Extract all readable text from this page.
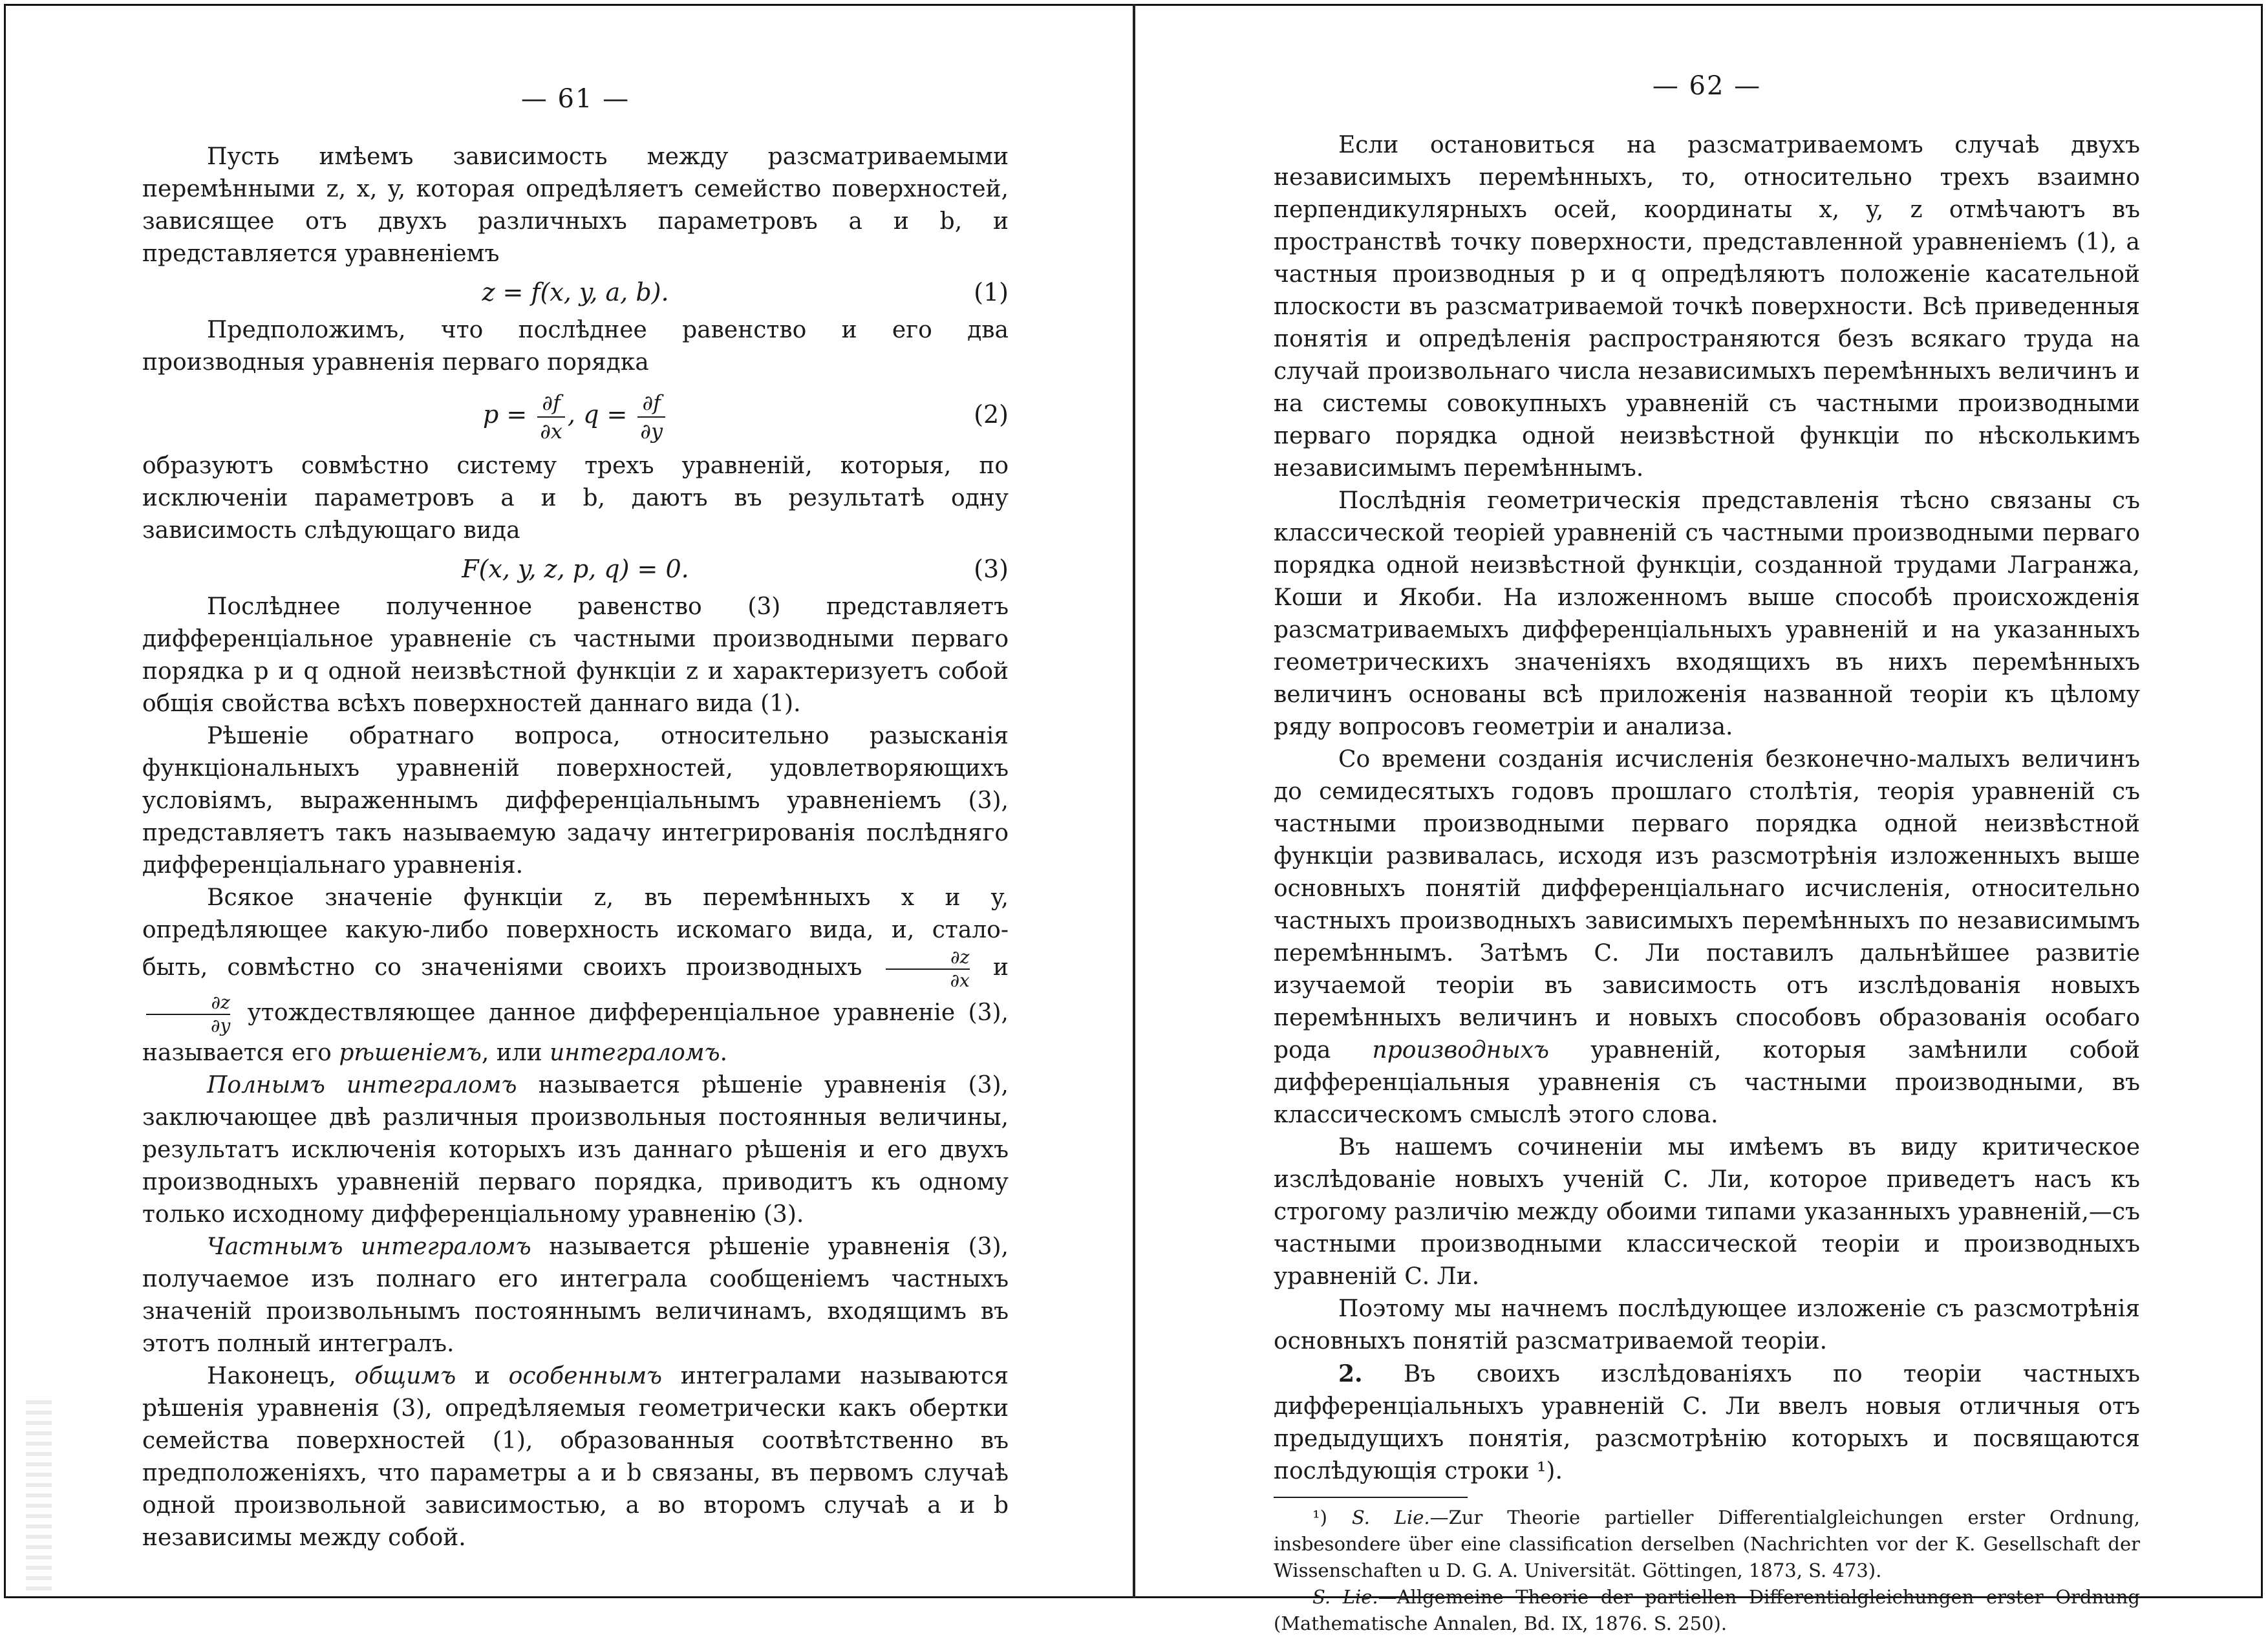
— 61 —

Пусть имѣемъ зависимость между разсматриваемыми перемѣнными z, x, y, которая опредѣляетъ семейство поверхностей, зависящее отъ двухъ различныхъ параметровъ a и b, и представляется уравненіемъ

z = f(x, y, a, b).	(1)

Предположимъ, что послѣднее равенство и его два производныя уравненія перваго порядка

$p = \frac{\partial f}{\partial x}$ , $q = \frac{\partial f}{\partial y}$	(2)

образуютъ совмѣстно систему трехъ уравненій, которыя, по исключеніи параметровъ a и b, даютъ въ результатѣ одну зависимость слѣдующаго вида

F(x, y, z, p, q) = 0.	(3)

Послѣднее полученное равенство (3) представляетъ дифференціальное уравненіе съ частными производными перваго порядка p и q одной неизвѣстной функціи z и характеризуетъ собой общія свойства всѣхъ поверхностей даннаго вида (1).

Рѣшеніе обратнаго вопроса, относительно разысканія функціональныхъ уравненій поверхностей, удовлетворяющихъ условіямъ, выраженнымъ дифференціальнымъ уравненіемъ (3), представляетъ такъ называемую задачу интегрированія послѣдняго дифференціальнаго уравненія.

Всякое значеніе функціи z, въ перемѣнныхъ x и y, опредѣляющее какую-либо поверхность искомаго вида, и, стало-быть, совмѣстно со значеніями своихъ производныхъ $\frac{\partial z}{\partial x}$ и
$\frac{\partial z}{\partial y}$ утождествляющее данное дифференціальное уравненіе (3), называется его рѣшеніемъ, или интеграломъ.

Полнымъ интеграломъ называется рѣшеніе уравненія (3), заключающее двѣ различныя произвольныя постоянныя величины, результатъ исключенія которыхъ изъ даннаго рѣшенія и его двухъ производныхъ уравненій перваго порядка, приводитъ къ одному только исходному дифференціальному уравненію (3).

Частнымъ интеграломъ называется рѣшеніе уравненія (3), получаемое изъ полнаго его интеграла сообщеніемъ частныхъ значеній произвольнымъ постояннымъ величинамъ, входящимъ въ этотъ полный интегралъ.

Наконецъ, общимъ и особеннымъ интегралами называются рѣшенія уравненія (3), опредѣляемыя геометрически какъ обертки семейства поверхностей (1), образованныя соотвѣтственно въ предположеніяхъ, что параметры a и b связаны, въ первомъ случаѣ одной произвольной зависимостью, а во второмъ случаѣ a и b независимы между собой.

— 62 —

Если остановиться на разсматриваемомъ случаѣ двухъ независимыхъ перемѣнныхъ, то, относительно трехъ взаимно перпендикулярныхъ осей, координаты x, y, z отмѣчаютъ въ пространствѣ точку поверхности, представленной уравненіемъ (1), а частныя производныя p и q опредѣляютъ положеніе касательной плоскости въ разсматриваемой точкѣ поверхности. Всѣ приведенныя понятія и опредѣленія распространяются безъ всякаго труда на случай произвольнаго числа независимыхъ перемѣнныхъ величинъ и на системы совокупныхъ уравненій съ частными производными перваго порядка одной неизвѣстной функціи по нѣсколькимъ независимымъ перемѣннымъ.

Послѣднія геометрическія представленія тѣсно связаны съ классической теоріей уравненій съ частными производными перваго порядка одной неизвѣстной функціи, созданной трудами Лагранжа, Коши и Якоби. На изложенномъ выше способѣ происхожденія разсматриваемыхъ дифференціальныхъ уравненій и на указанныхъ геометрическихъ значеніяхъ входящихъ въ нихъ перемѣнныхъ величинъ основаны всѣ приложенія названной теоріи къ цѣлому ряду вопросовъ геометріи и анализа.

Со времени созданія исчисленія безконечно-малыхъ величинъ до семидесятыхъ годовъ прошлаго столѣтія, теорія уравненій съ частными производными перваго порядка одной неизвѣстной функціи развивалась, исходя изъ разсмотрѣнія изложенныхъ выше основныхъ понятій дифференціальнаго исчисленія, относительно частныхъ производныхъ зависимыхъ перемѣнныхъ по независимымъ перемѣннымъ. Затѣмъ С. Ли поставилъ дальнѣйшее развитіе изучаемой теоріи въ зависимость отъ изслѣдованія новыхъ перемѣнныхъ величинъ и новыхъ способовъ образованія особаго рода производныхъ уравненій, которыя замѣнили собой дифференціальныя уравненія съ частными производными, въ классическомъ смыслѣ этого слова.

Въ нашемъ сочиненіи мы имѣемъ въ виду критическое изслѣдованіе новыхъ ученій С. Ли, которое приведетъ насъ къ строгому различію между обоими типами указанныхъ уравненій,—съ частными производными классической теоріи и производныхъ уравненій С. Ли.

Поэтому мы начнемъ послѣдующее изложеніе съ разсмотрѣнія основныхъ понятій разсматриваемой теоріи.

2. Въ своихъ изслѣдованіяхъ по теоріи частныхъ дифференціальныхъ уравненій С. Ли ввелъ новыя отличныя отъ предыдущихъ понятія, разсмотрѣнію которыхъ и посвящаются послѣдующія строки ¹).

¹) S. Lie.—Zur Theorie partieller Differentialgleichungen erster Ordnung, insbesondere über eine classification derselben (Nachrichten vor der K. Gesellschaft der Wissenschaften u D. G. A. Universität. Göttingen, 1873, S. 473).

S. Lie.—Allgemeine Theorie der partiellen Differentialgleichungen erster Ordnung (Mathematische Annalen, Bd. IX, 1876. S. 250).
